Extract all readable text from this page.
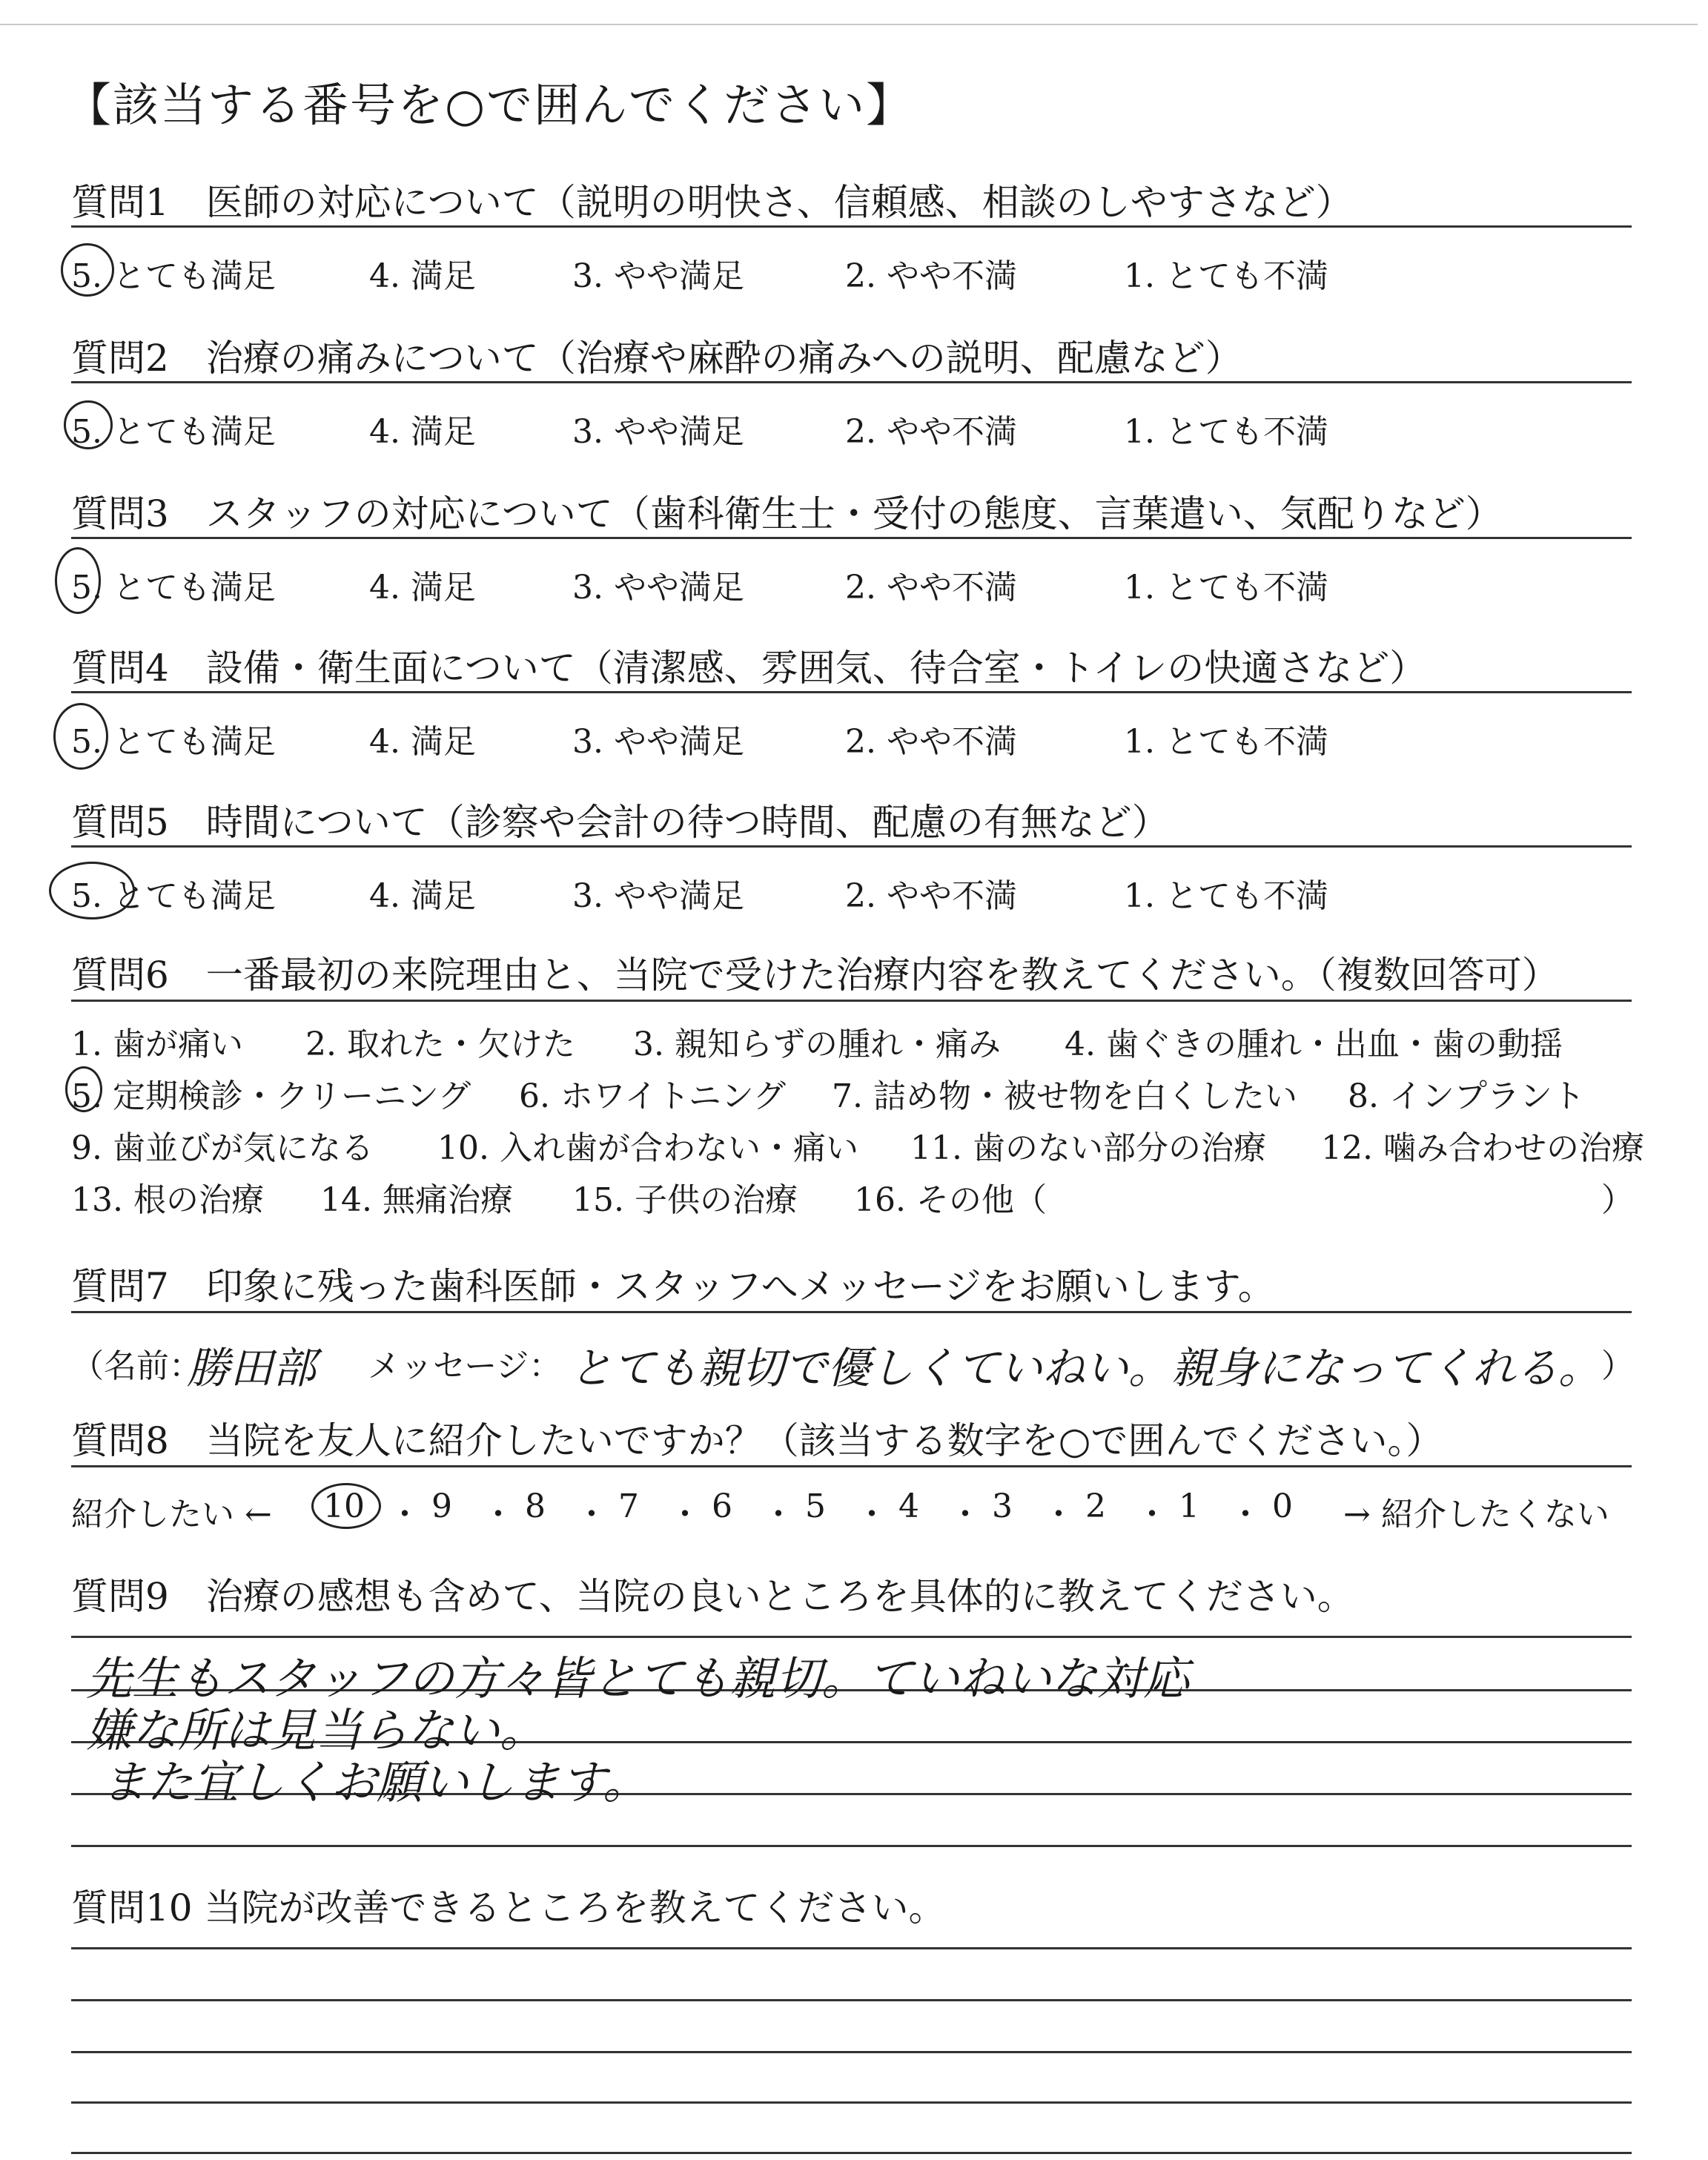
【該当する番号を○で囲んでください】
質問1　医師の対応について（説明の明快さ、信頼感、相談のしやすさなど）
5. とても満足	4. 満足	3. やや満足	2. やや不満	1. とても不満
質問2　治療の痛みについて（治療や麻酔の痛みへの説明、配慮など）
5. とても満足	4. 満足	3. やや満足	2. やや不満	1. とても不満
質問3　スタッフの対応について（歯科衛生士・受付の態度、言葉遣い、気配りなど）
5. とても満足	4. 満足	3. やや満足	2. やや不満	1. とても不満
質問4　設備・衛生面について（清潔感、雰囲気、待合室・トイレの快適さなど）
5. とても満足	4. 満足	3. やや満足	2. やや不満	1. とても不満
質問5　時間について（診察や会計の待つ時間、配慮の有無など）
5. とても満足	4. 満足	3. やや満足	2. やや不満	1. とても不満
質問6　一番最初の来院理由と、当院で受けた治療内容を教えてください。（複数回答可）
1. 歯が痛い 2. 取れた・欠けた 3. 親知らずの腫れ・痛み 4. 歯ぐきの腫れ・出血・歯の動揺
5. 定期検診・クリーニング 6. ホワイトニング 7. 詰め物・被せ物を白くしたい 8. インプラント
9. 歯並びが気になる 10. 入れ歯が合わない・痛い 11. 歯のない部分の治療 12. 噛み合わせの治療
13. 根の治療 14. 無痛治療 15. 子供の治療 16. その他（	）
質問7　印象に残った歯科医師・スタッフへメッセージをお願いします。
（名前：
勝田部 メッセージ： とても親切で優しくていねい。親身になってくれる。 ）
質問8　当院を友人に紹介したいですか？（該当する数字を○で囲んでください。）
紹介したい ← 10 ・ 9 ・ 8 ・ 7 ・ 6 ・ 5 ・ 4 ・ 3 ・ 2 ・ 1 ・ 0 → 紹介したくない
質問9　治療の感想も含めて、当院の良いところを具体的に教えてください。
先生もスタッフの方々皆とても親切。ていねいな対応
嫌な所は見当らない。
また宜しくお願いします。
質問10 当院が改善できるところを教えてください。
